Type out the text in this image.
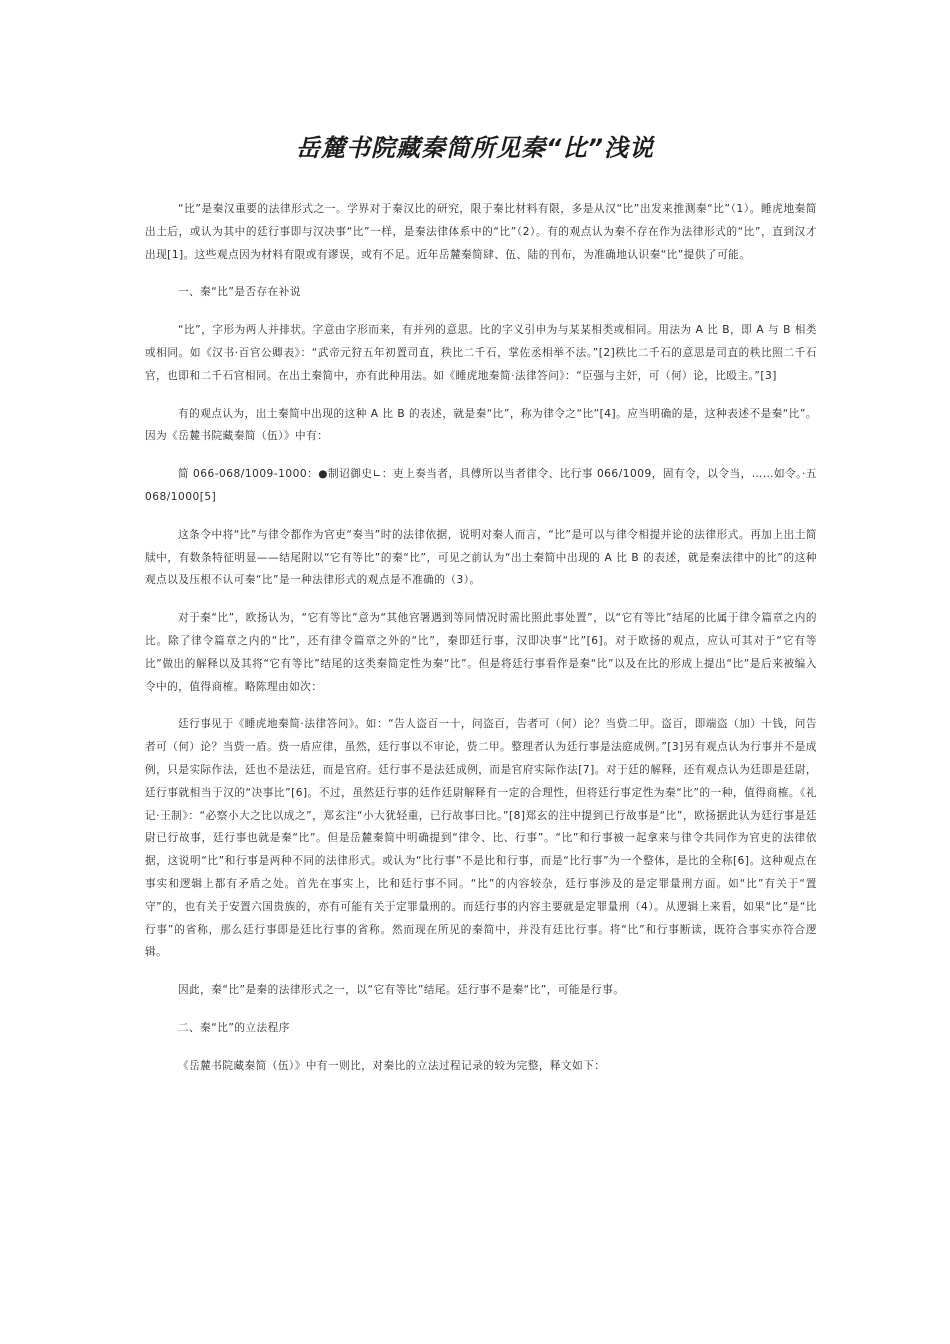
岳麓书院藏秦简所见秦“比”浅说

“比”是秦汉重要的法律形式之一。学界对于秦汉比的研究，限于秦比材料有限，多是从汉“比”出发来推测秦“比”（1）。睡虎地秦简出土后，或认为其中的廷行事即与汉决事“比”一样，是秦法律体系中的“比”（2）。有的观点认为秦不存在作为法律形式的“比”，直到汉才出现[1]。这些观点因为材料有限或有谬误，或有不足。近年岳麓秦简肆、伍、陆的刊布，为准确地认识秦“比”提供了可能。

一、秦“比”是否存在补说

“比”，字形为两人并排状。字意由字形而来，有并列的意思。比的字义引申为与某某相类或相同。用法为 A 比 B，即 A 与 B 相类或相同。如《汉书·百官公卿表》：“武帝元狩五年初置司直，秩比二千石，掌佐丞相举不法。”[2]秩比二千石的意思是司直的秩比照二千石官，也即和二千石官相同。在出土秦简中，亦有此种用法。如《睡虎地秦简·法律答问》：“臣强与主奸，可（何）论，比殴主。”[3]

有的观点认为，出土秦简中出现的这种 A 比 B 的表述，就是秦“比”，称为律令之“比”[4]。应当明确的是，这种表述不是秦“比”。因为《岳麓书院藏秦简（伍）》中有：

简 066-068/1009-1000：●制诏御史∟：吏上奏当者，具傅所以当者律令、比行事 066/1009，固有令，以令当，……如令。·五 068/1000[5]

这条令中将“比”与律令都作为官吏“奏当”时的法律依据，说明对秦人而言，“比”是可以与律令相提并论的法律形式。再加上出土简牍中，有数条特征明显——结尾附以“它有等比”的秦“比”，可见之前认为“出土秦简中出现的 A 比 B 的表述，就是秦法律中的比”的这种观点以及压根不认可秦“比”是一种法律形式的观点是不准确的（3）。

对于秦“比”，欧扬认为，“它有等比”意为“其他官署遇到等同情况时需比照此事处置”，以“它有等比”结尾的比属于律令篇章之内的比。除了律令篇章之内的“比”，还有律令篇章之外的“比”，秦即廷行事，汉即决事“比”[6]。对于欧扬的观点，应认可其对于“它有等比”做出的解释以及其将“它有等比”结尾的这类秦简定性为秦“比”。但是将廷行事看作是秦“比”以及在比的形成上提出“比”是后来被编入令中的，值得商榷。略陈理由如次：

廷行事见于《睡虎地秦简·法律答问》。如：“告人盗百一十，问盗百，告者可（何）论？当赀二甲。盗百，即端盗（加）十钱，问告者可（何）论？当赀一盾。赀一盾应律，虽然，廷行事以不审论，赀二甲。整理者认为廷行事是法庭成例。”[3]另有观点认为行事并不是成例，只是实际作法，廷也不是法廷，而是官府。廷行事不是法廷成例，而是官府实际作法[7]。对于廷的解释，还有观点认为廷即是廷尉，廷行事就相当于汉的“决事比”[6]。不过，虽然廷行事的廷作廷尉解释有一定的合理性，但将廷行事定性为秦“比”的一种，值得商榷。《礼记·王制》：“必察小大之比以成之”，郑玄注“小大犹轻重，已行故事曰比。”[8]郑玄的注中提到已行故事是“比”，欧扬据此认为廷行事是廷尉已行故事，廷行事也就是秦“比”。但是岳麓秦简中明确提到“律令、比、行事”。“比”和行事被一起拿来与律令共同作为官吏的法律依据，这说明“比”和行事是两种不同的法律形式。或认为“比行事”不是比和行事，而是“比行事”为一个整体，是比的全称[6]。这种观点在事实和逻辑上都有矛盾之处。首先在事实上，比和廷行事不同。“比”的内容较杂，廷行事涉及的是定罪量刑方面。如“比”有关于“置守”的，也有关于安置六国贵族的，亦有可能有关于定罪量刑的。而廷行事的内容主要就是定罪量刑（4）。从逻辑上来看，如果“比”是“比行事”的省称，那么廷行事即是廷比行事的省称。然而现在所见的秦简中，并没有廷比行事。将“比”和行事断读，既符合事实亦符合逻辑。

因此，秦“比”是秦的法律形式之一，以“它有等比”结尾。廷行事不是秦“比”，可能是行事。

二、秦“比”的立法程序

《岳麓书院藏秦简（伍）》中有一则比，对秦比的立法过程记录的较为完整，释文如下：
